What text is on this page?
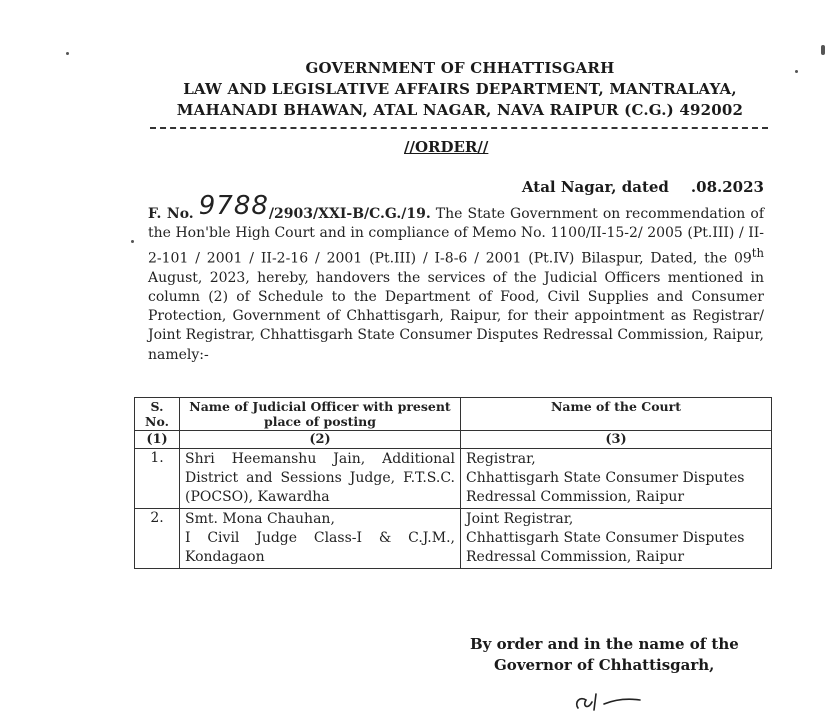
GOVERNMENT OF CHHATTISGARH
LAW AND LEGISLATIVE AFFAIRS DEPARTMENT, MANTRALAYA,
MAHANADI BHAWAN, ATAL NAGAR, NAVA RAIPUR (C.G.) 492002
//ORDER//
Atal Nagar, dated .08.2023
F. No. 9788/2903/XXI-B/C.G./19. The State Government on recommendation of the Hon'ble High Court and in compliance of Memo No. 1100/II-15-2/ 2005 (Pt.III) / II-2-101 / 2001 / II-2-16 / 2001 (Pt.III) / I-8-6 / 2001 (Pt.IV) Bilaspur, Dated, the 09th August, 2023, hereby, handovers the services of the Judicial Officers mentioned in column (2) of Schedule to the Department of Food, Civil Supplies and Consumer Protection, Government of Chhattisgarh, Raipur, for their appointment as Registrar/ Joint Registrar, Chhattisgarh State Consumer Disputes Redressal Commission, Raipur, namely:-
S. No.	Name of Judicial Officer with present place of posting	Name of the Court
(1)	(2)	(3)
1.	Shri Heemanshu Jain, Additional District and Sessions Judge, F.T.S.C. (POCSO), Kawardha	Registrar,
Chhattisgarh State Consumer Disputes Redressal Commission, Raipur
2.	Smt. Mona Chauhan,
I Civil Judge Class-I & C.J.M., Kondagaon	Joint Registrar,
Chhattisgarh State Consumer Disputes Redressal Commission, Raipur
By order and in the name of the
Governor of Chhattisgarh,
